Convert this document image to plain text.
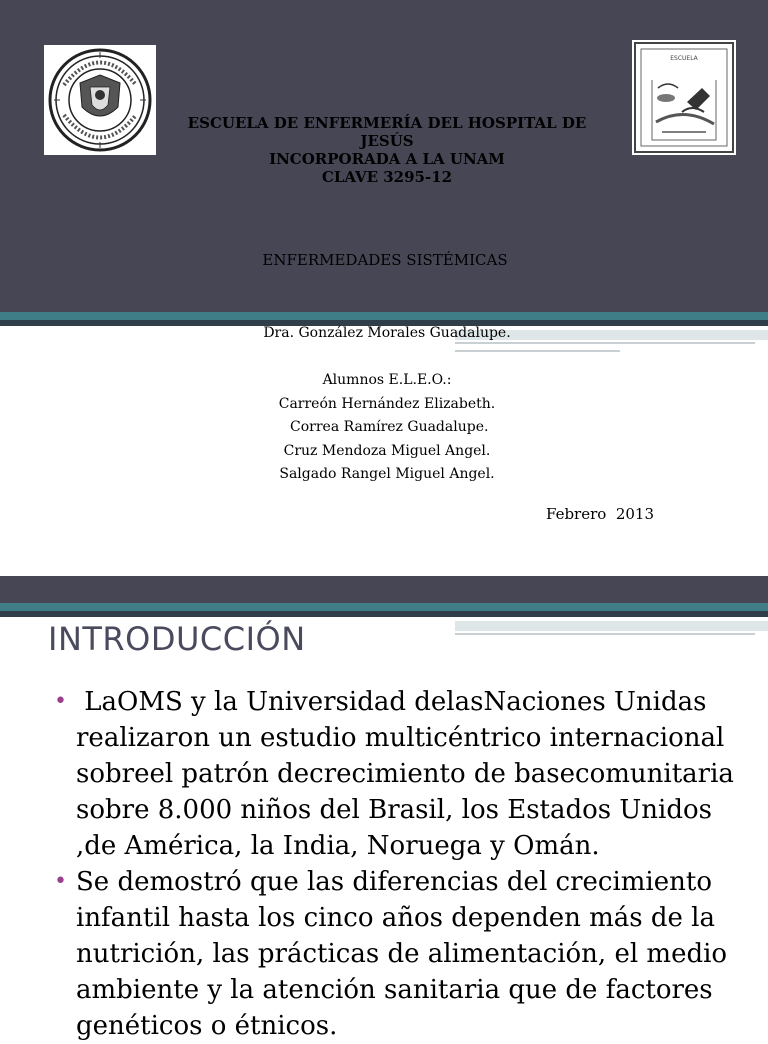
ESCUELA
ESCUELA DE ENFERMERÍA DEL HOSPITAL DE
JESÚS
INCORPORADA A LA UNAM
CLAVE 3295-12
ENFERMEDADES SISTÉMICAS
Dra. González Morales Guadalupe.

Alumnos E.L.E.O.:
Carreón Hernández Elizabeth.
Correa Ramírez Guadalupe.
Cruz Mendoza Miguel Angel.
Salgado Rangel Miguel Angel.
Febrero  2013
INTRODUCCIÓN
• LaOMS y la Universidad delasNaciones Unidas realizaron un estudio multicéntrico internacional sobreel patrón decrecimiento de basecomunitaria sobre 8.000 niños del Brasil, los Estados Unidos ,de América, la India, Noruega y Omán.
• Se demostró que las diferencias del crecimiento infantil hasta los cinco años dependen más de la nutrición, las prácticas de alimentación, el medio ambiente y la atención sanitaria que de factores genéticos o étnicos.
